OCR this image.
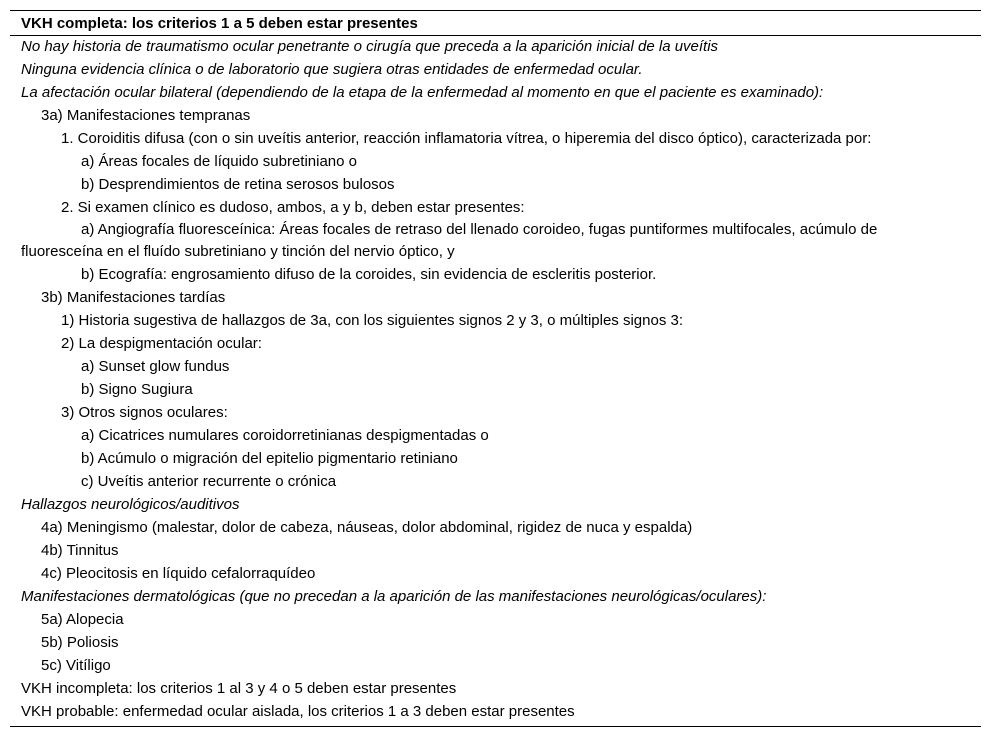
VKH completa: los criterios 1 a 5 deben estar presentes
No hay historia de traumatismo ocular penetrante o cirugía que preceda a la aparición inicial de la uveítis
Ninguna evidencia clínica o de laboratorio que sugiera otras entidades de enfermedad ocular.
La afectación ocular bilateral (dependiendo de la etapa de la enfermedad al momento en que el paciente es examinado):
3a) Manifestaciones tempranas
1. Coroiditis difusa (con o sin uveítis anterior, reacción inflamatoria vítrea, o hiperemia del disco óptico), caracterizada por:
a) Áreas focales de líquido subretiniano o
b) Desprendimientos de retina serosos bulosos
2. Si examen clínico es dudoso, ambos, a y b, deben estar presentes:
a) Angiografía fluoresceínica: Áreas focales de retraso del llenado coroideo, fugas puntiformes multifocales, acúmulo de fluoresceína en el fluído subretiniano y tinción del nervio óptico, y
b) Ecografía: engrosamiento difuso de la coroides, sin evidencia de escleritis posterior.
3b) Manifestaciones tardías
1) Historia sugestiva de hallazgos de 3a, con los siguientes signos 2 y 3, o múltiples signos 3:
2) La despigmentación ocular:
a) Sunset glow fundus
b) Signo Sugiura
3) Otros signos oculares:
a) Cicatrices numulares coroidorretinianas despigmentadas o
b) Acúmulo o migración del epitelio pigmentario retiniano
c) Uveítis anterior recurrente o crónica
Hallazgos neurológicos/auditivos
4a) Meningismo (malestar, dolor de cabeza, náuseas, dolor abdominal, rigidez de nuca y espalda)
4b) Tinnitus
4c) Pleocitosis en líquido cefalorraquídeo
Manifestaciones dermatológicas (que no precedan a la aparición de las manifestaciones neurológicas/oculares):
5a) Alopecia
5b) Poliosis
5c) Vitíligo
VKH incompleta: los criterios 1 al 3 y 4 o 5 deben estar presentes
VKH probable: enfermedad ocular aislada, los criterios 1 a 3 deben estar presentes
